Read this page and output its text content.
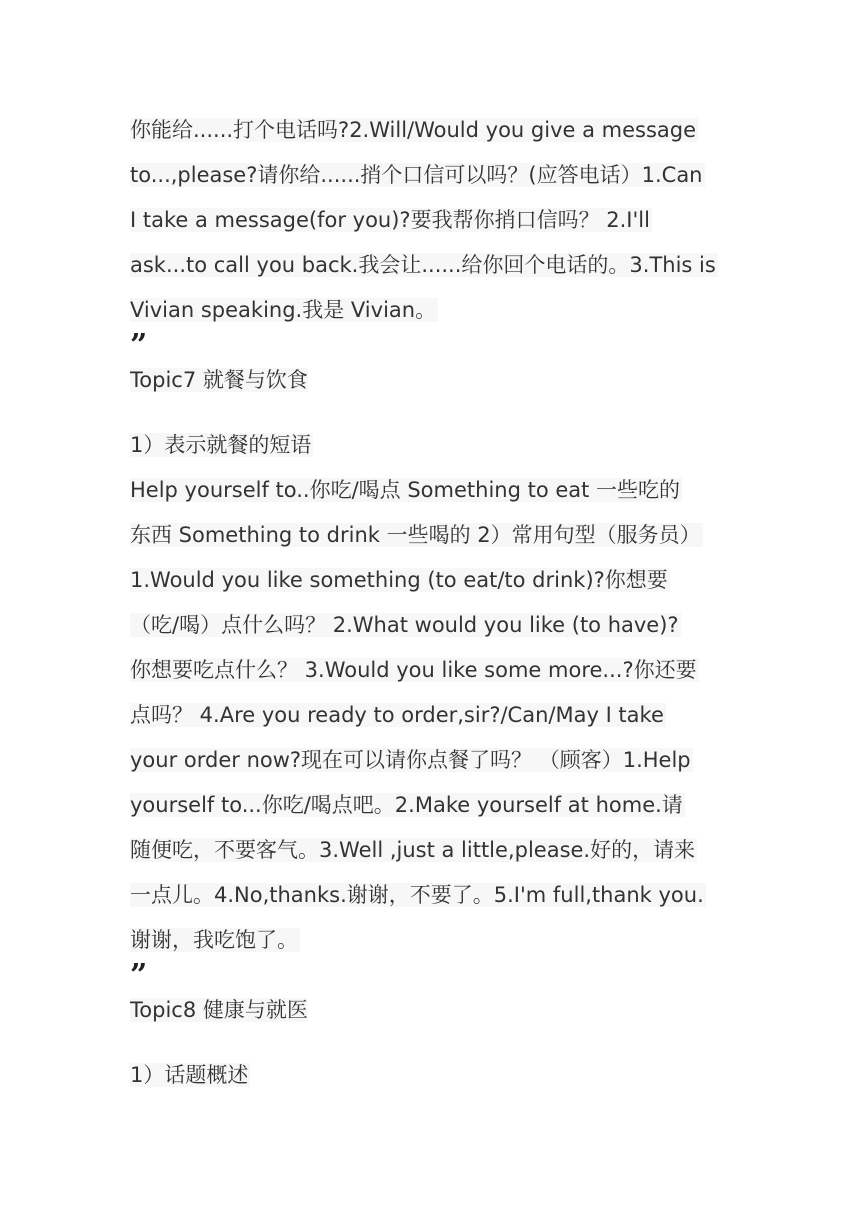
你能给......打个电话吗?2.Will/Would you give a message
to...,please?请你给......捎个口信可以吗？(应答电话）1.Can
I take a message(for you)?要我帮你捎口信吗？ 2.I'll
ask...to call you back.我会让......给你回个电话的。3.This is
Vivian speaking.我是 Vivian。
”
Topic7 就餐与饮食
1）表示就餐的短语
Help yourself to..你吃/喝点 Something to eat 一些吃的
东西 Something to drink 一些喝的 2）常用句型（服务员）
1.Would you like something (to eat/to drink)?你想要
（吃/喝）点什么吗？ 2.What would you like (to have)?
你想要吃点什么？ 3.Would you like some more...?你还要
点吗？ 4.Are you ready to order,sir?/Can/May I take
your order now?现在可以请你点餐了吗？ （顾客）1.Help
yourself to...你吃/喝点吧。2.Make yourself at home.请
随便吃，不要客气。3.Well ,just a little,please.好的，请来
一点儿。4.No,thanks.谢谢，不要了。5.I'm full,thank you.
谢谢，我吃饱了。
”
Topic8 健康与就医
1）话题概述
